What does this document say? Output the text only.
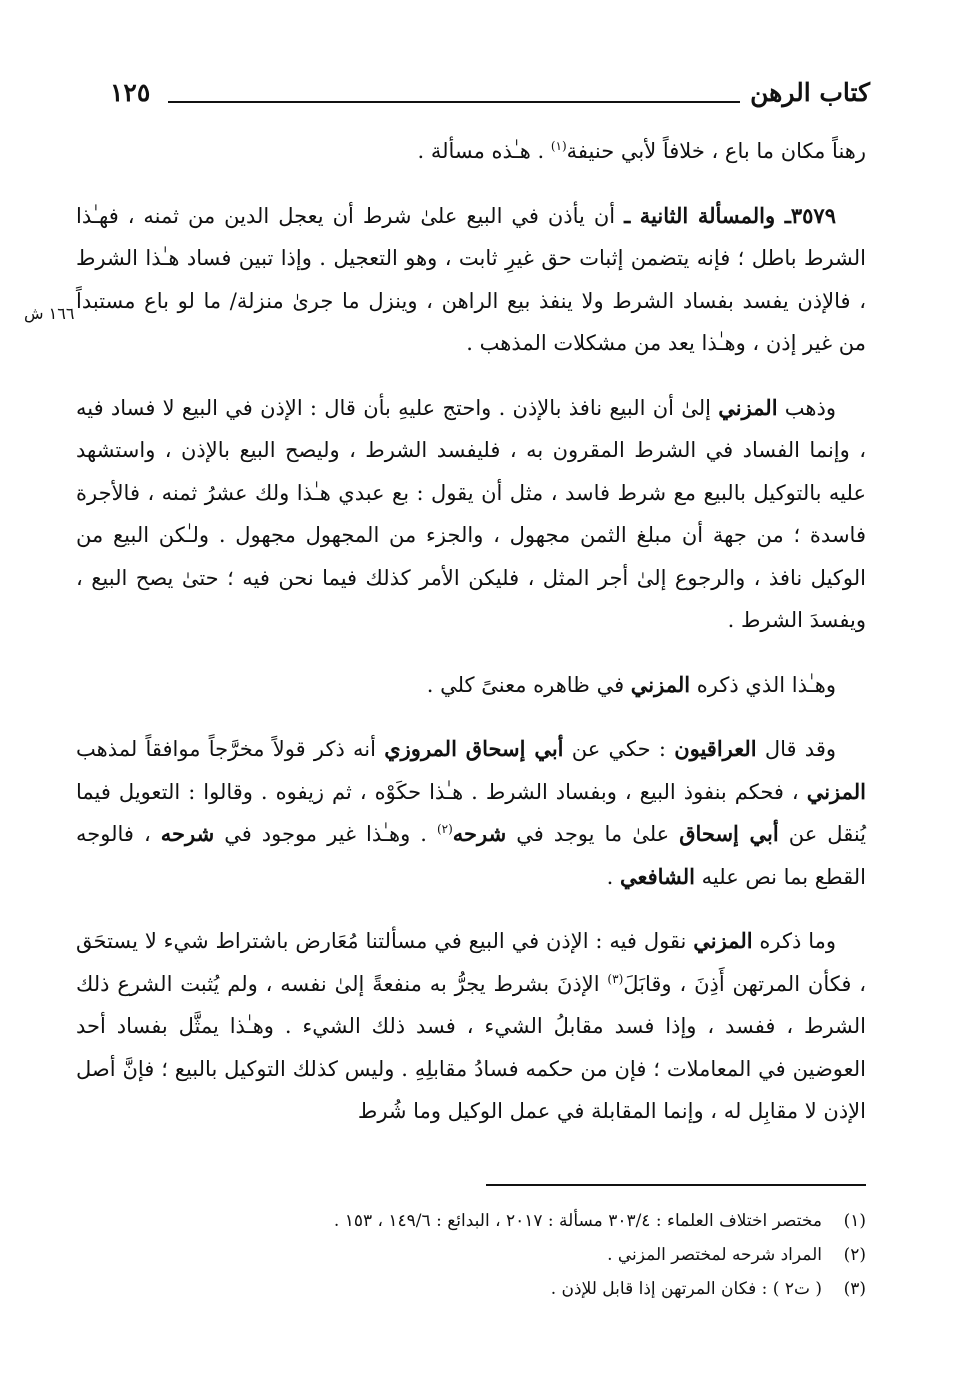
كتاب الرهن
١٢٥
١٦٦ ش

رهناً مكان ما باع ، خلافاً لأبي حنيفة$^{(١)}$ . هـٰذه مسألة .

٣٥٧٩ـ والمسألة الثانية ـ أن يأذن في البيع علىٰ شرط أن يعجل الدين من ثمنه ، فهـٰذا الشرط باطل ؛ فإنه يتضمن إثبات حق غيرِ ثابت ، وهو التعجيل . وإذا تبين فساد هـٰذا الشرط ، فالإذن يفسد بفساد الشرط ولا ينفذ بيع الراهن ، وينزل ما جرىٰ منزلة/ ما لو باع مستبداً من غير إذن ، وهـٰذا يعد من مشكلات المذهب .

وذهب المزني إلىٰ أن البيع نافذ بالإذن . واحتج عليهِ بأن قال : الإذن في البيع لا فساد فيه ، وإنما الفساد في الشرط المقرون به ، فليفسد الشرط ، وليصح البيع بالإذن ، واستشهد عليه بالتوكيل بالبيع مع شرط فاسد ، مثل أن يقول : بع عبدي هـٰذا ولك عشرُ ثمنه ، فالأجرة فاسدة ؛ من جهة أن مبلغ الثمن مجهول ، والجزء من المجهول مجهول . ولـٰكن البيع من الوكيل نافذ ، والرجوع إلىٰ أجر المثل ، فليكن الأمر كذلك فيما نحن فيه ؛ حتىٰ يصح البيع ، ويفسدَ الشرط .

وهـٰذا الذي ذكره المزني في ظاهره معنىً كلي .

وقد قال العراقيون : حكي عن أبي إسحاق المروزي أنه ذكر قولاً مخرَّجاً موافقاً لمذهب المزني ، فحكم بنفوذ البيع ، وبفساد الشرط . هـٰذا حكَوْه ، ثم زيفوه . وقالوا : التعويل فيما يُنقل عن أبي إسحاق علىٰ ما يوجد في شرحه$^{(٢)}$ . وهـٰذا غير موجود في شرحه ، فالوجه القطع بما نص عليه الشافعي .

وما ذكره المزني نقول فيه : الإذن في البيع في مسألتنا مُعَارض باشتراط شيء لا يستحَق ، فكأن المرتهن أَذِنَ ، وقابَلَ$^{(٣)}$ الإذنَ بشرط يجرُّ به منفعةً إلىٰ نفسه ، ولم يُثبت الشرع ذلك الشرط ، ففسد ، وإذا فسد مقابلُ الشيء ، فسد ذلك الشيء . وهـٰذا يمثَّل بفساد أحد العوضين في المعاملات ؛ فإن من حكمه فسادُ مقابلِهِ . وليس كذلك التوكيل بالبيع ؛ فإنَّ أصل الإذن لا مقابِل له ، وإنما المقابلة في عمل الوكيل وما شُرط

(١)مختصر اختلاف العلماء : ٣٠٣/٤ مسألة : ٢٠١٧ ، البدائع : ١٤٩/٦ ، ١٥٣ .
(٢)المراد شرحه لمختصر المزني .
(٣)( ت٢ ) : فكان المرتهن إذا قابل للإذن .
